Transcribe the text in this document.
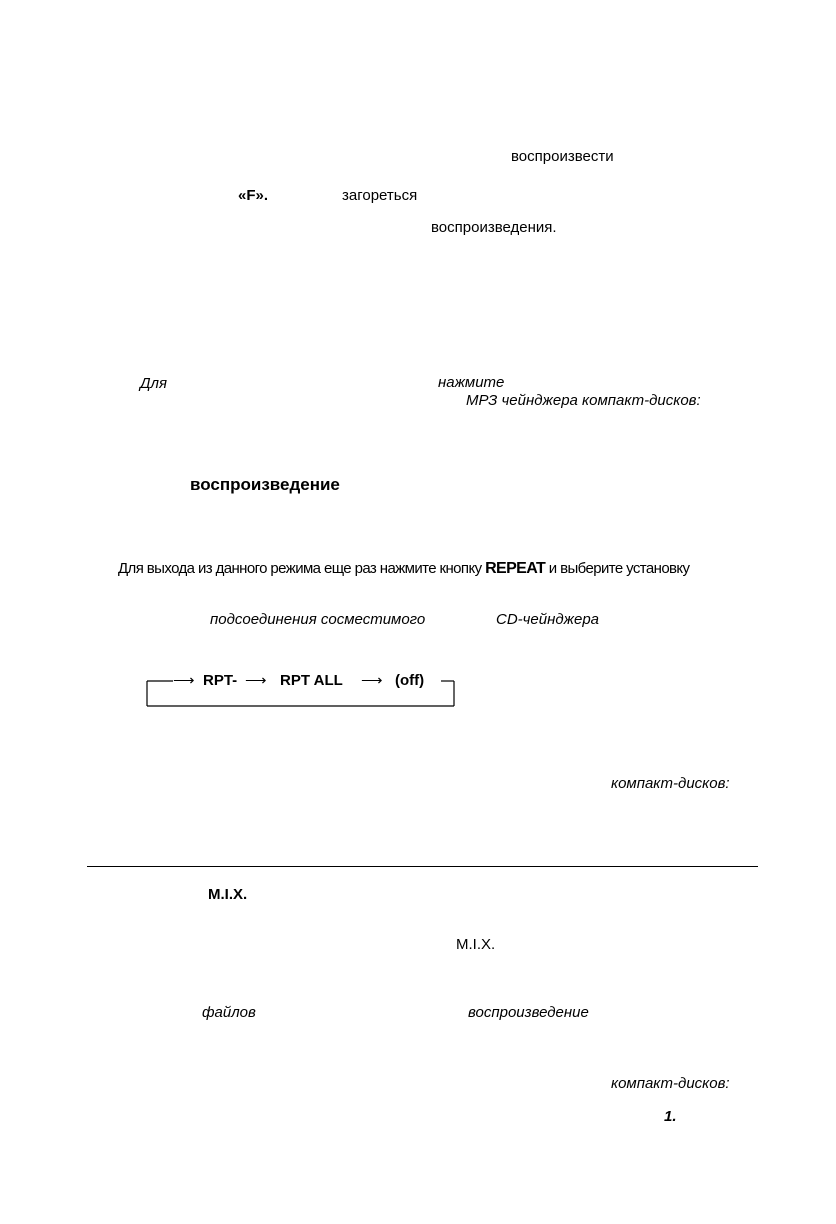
воспроизвести
«F».	загореться
воспроизведения.
Для	нажмите
МРЗ чейнджера компакт-дисков:
воспроизведение
Для выхода из данного режима еще раз нажмите кнопку REPEAT и выберите установку
подсоединения сосместимого	CD-чейнджера
⟶ RPT- ⟶ RPT ALL ⟶ (off)
компакт-дисков:
M.I.X.
M.I.X.
файлов	воспроизведение
компакт-дисков:
1.
